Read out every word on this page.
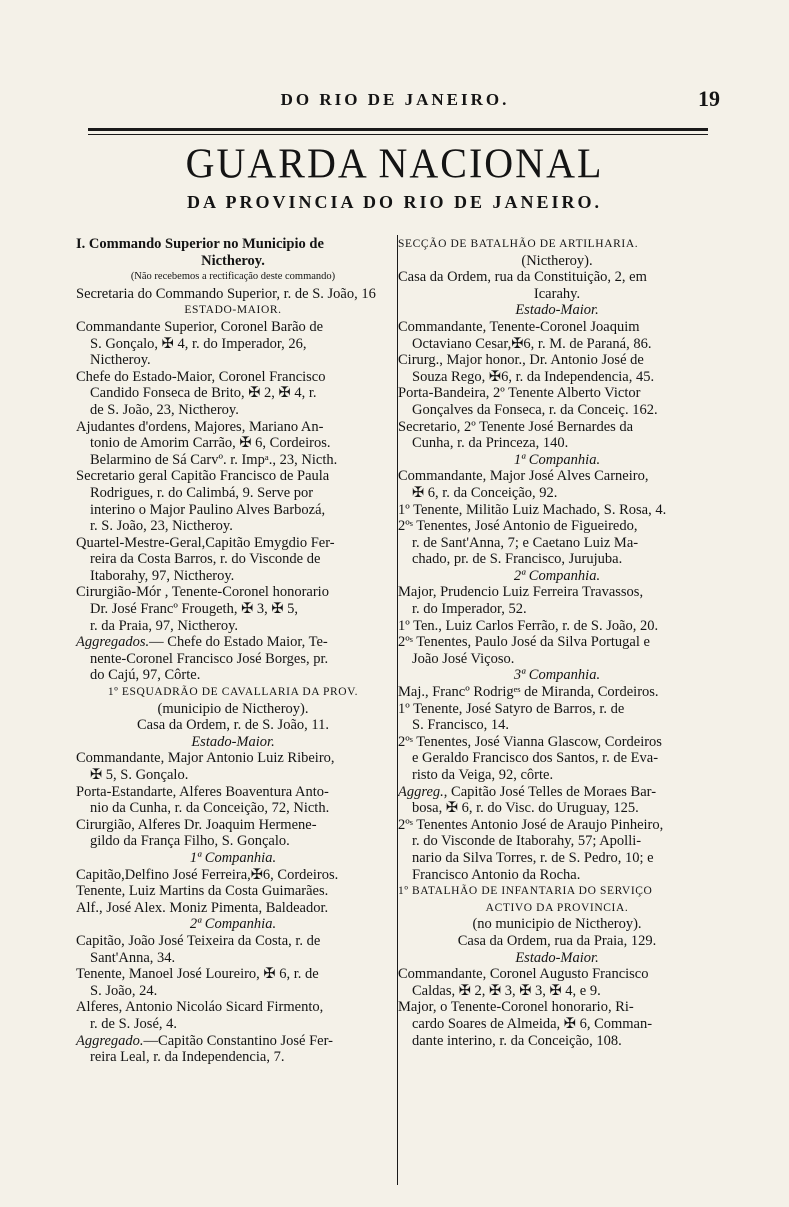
DO RIO DE JANEIRO.	19
GUARDA NACIONAL
DA PROVINCIA DO RIO DE JANEIRO.
I. Commando Superior no Municipio de
Nictheroy.
(Não recebemos a rectificação deste commando)
Secretaria do Commando Superior, r. de S. João, 16
ESTADO-MAIOR.
Commandante Superior, Coronel Barão de
S. Gonçalo, ✠ 4, r. do Imperador, 26,
Nictheroy.
Chefe do Estado-Maior, Coronel Francisco
Candido Fonseca de Brito, ✠ 2, ✠ 4, r.
de S. João, 23, Nictheroy.
Ajudantes d'ordens, Majores, Mariano An-
tonio de Amorim Carrão, ✠ 6, Cordeiros.
Belarmino de Sá Carvº. r. Impᵃ., 23, Nicth.
Secretario geral Capitão Francisco de Paula
Rodrigues, r. do Calimbá, 9. Serve por
interino o Major Paulino Alves Barbozá,
r. S. João, 23, Nictheroy.
Quartel-Mestre-Geral,Capitão Emygdio Fer-
reira da Costa Barros, r. do Visconde de
Itaborahy, 97, Nictheroy.
Cirurgião-Mór , Tenente-Coronel honorario
Dr. José Francº Frougeth, ✠ 3, ✠ 5,
r. da Praia, 97, Nictheroy.
Aggregados.— Chefe do Estado Maior, Te-
nente-Coronel Francisco José Borges, pr.
do Cajú, 97, Côrte.
1º ESQUADRÃO DE CAVALLARIA DA PROV.
(municipio de Nictheroy).
Casa da Ordem, r. de S. João, 11.
Estado-Maior.
Commandante, Major Antonio Luiz Ribeiro,
✠ 5, S. Gonçalo.
Porta-Estandarte, Alferes Boaventura Anto-
nio da Cunha, r. da Conceição, 72, Nicth.
Cirurgião, Alferes Dr. Joaquim Hermene-
gildo da França Filho, S. Gonçalo.
1ª Companhia.
Capitão,Delfino José Ferreira,✠6, Cordeiros.
Tenente, Luiz Martins da Costa Guimarães.
Alf., José Alex. Moniz Pimenta, Baldeador.
2ª Companhia.
Capitão, João José Teixeira da Costa, r. de
Sant'Anna, 34.
Tenente, Manoel José Loureiro, ✠ 6, r. de
S. João, 24.
Alferes, Antonio Nicoláo Sicard Firmento,
r. de S. José, 4.
Aggregado.—Capitão Constantino José Fer-
reira Leal, r. da Independencia, 7.
SECÇÃO DE BATALHÃO DE ARTILHARIA.
(Nictheroy).
Casa da Ordem, rua da Constituição, 2, em
Icarahy.
Estado-Maior.
Commandante, Tenente-Coronel Joaquim
Octaviano Cesar,✠6, r. M. de Paraná, 86.
Cirurg., Major honor., Dr. Antonio José de
Souza Rego, ✠6, r. da Independencia, 45.
Porta-Bandeira, 2º Tenente Alberto Victor
Gonçalves da Fonseca, r. da Conceiç. 162.
Secretario, 2º Tenente José Bernardes da
Cunha, r. da Princeza, 140.
1ª Companhia.
Commandante, Major José Alves Carneiro,
✠ 6, r. da Conceição, 92.
1º Tenente, Militão Luiz Machado, S. Rosa, 4.
2ºˢ Tenentes, José Antonio de Figueiredo,
r. de Sant'Anna, 7; e Caetano Luiz Ma-
chado, pr. de S. Francisco, Jurujuba.
2ª Companhia.
Major, Prudencio Luiz Ferreira Travassos,
r. do Imperador, 52.
1º Ten., Luiz Carlos Ferrão, r. de S. João, 20.
2ºˢ Tenentes, Paulo José da Silva Portugal e
João José Viçoso.
3ª Companhia.
Maj., Francº Rodrigᵉˢ de Miranda, Cordeiros.
1º Tenente, José Satyro de Barros, r. de
S. Francisco, 14.
2ºˢ Tenentes, José Vianna Glascow, Cordeiros
e Geraldo Francisco dos Santos, r. de Eva-
risto da Veiga, 92, côrte.
Aggreg., Capitão José Telles de Moraes Bar-
bosa, ✠ 6, r. do Visc. do Uruguay, 125.
2ºˢ Tenentes Antonio José de Araujo Pinheiro,
r. do Visconde de Itaborahy, 57; Apolli-
nario da Silva Torres, r. de S. Pedro, 10; e
Francisco Antonio da Rocha.
1º BATALHÃO DE INFANTARIA DO SERVIÇO
ACTIVO DA PROVINCIA.
(no municipio de Nictheroy).
Casa da Ordem, rua da Praia, 129.
Estado-Maior.
Commandante, Coronel Augusto Francisco
Caldas, ✠ 2, ✠ 3, ✠ 3, ✠ 4, e 9.
Major, o Tenente-Coronel honorario, Ri-
cardo Soares de Almeida, ✠ 6, Comman-
dante interino, r. da Conceição, 108.
